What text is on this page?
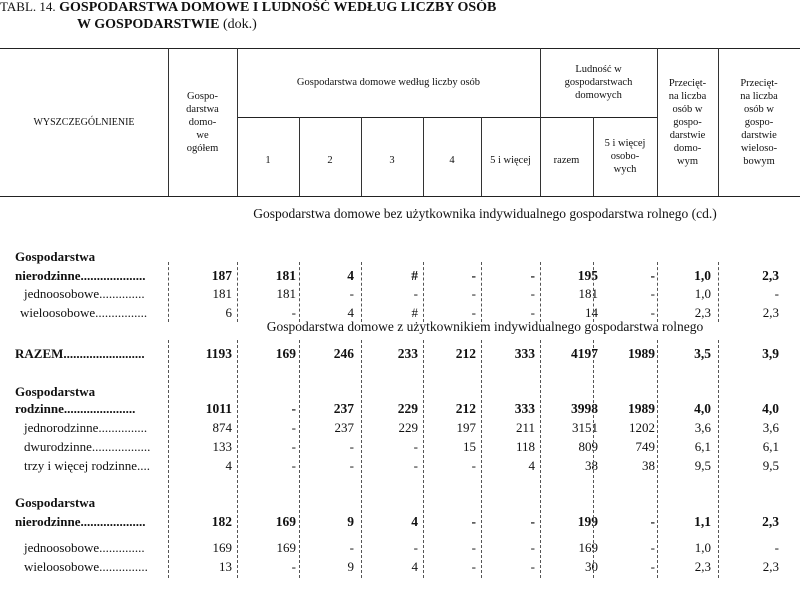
TABL. 14. GOSPODARSTWA DOMOWE I LUDNOŚĆ WEDŁUG LICZBY OSÓB
W GOSPODARSTWIE (dok.)
WYSZCZEGÓLNIENIE
Gospo-
darstwa
domo-
we
ogółem
Gospodarstwa domowe według liczby osób
1	2	3	4	5 i więcej
Ludność w
gospodarstwach
domowych
razem
5 i więcej
osobo-
wych
Przecięt-
na liczba
osób w
gospo-
darstwie
domo-
wym
Przecięt-
na liczba
osób w
gospo-
darstwie
wieloso-
bowym
Gospodarstwa domowe bez użytkownika indywidualnego gospodarstwa rolnego (cd.)
Gospodarstwa domowe z użytkownikiem indywidualnego gospodarstwa rolnego
Gospodarstwa
nierodzinne....................	187	181	4	#	-	-	195	-	1,0	2,3
jednoosobowe..............	181	181	-	-	-	-	181	-	1,0	-
wieloosobowe................	6	-	4	#	-	-	14	-	2,3	2,3
RAZEM.........................	1193	169	246	233	212	333	4197	1989	3,5	3,9
Gospodarstwa
rodzinne......................	1011	-	237	229	212	333	3998	1989	4,0	4,0
jednorodzinne...............	874	-	237	229	197	211	3151	1202	3,6	3,6
dwurodzinne..................	133	-	-	-	15	118	809	749	6,1	6,1
trzy i więcej rodzinne....	4	-	-	-	-	4	38	38	9,5	9,5
Gospodarstwa
nierodzinne....................	182	169	9	4	-	-	199	-	1,1	2,3
jednoosobowe..............	169	169	-	-	-	-	169	-	1,0	-
wieloosobowe...............	13	-	9	4	-	-	30	-	2,3	2,3
